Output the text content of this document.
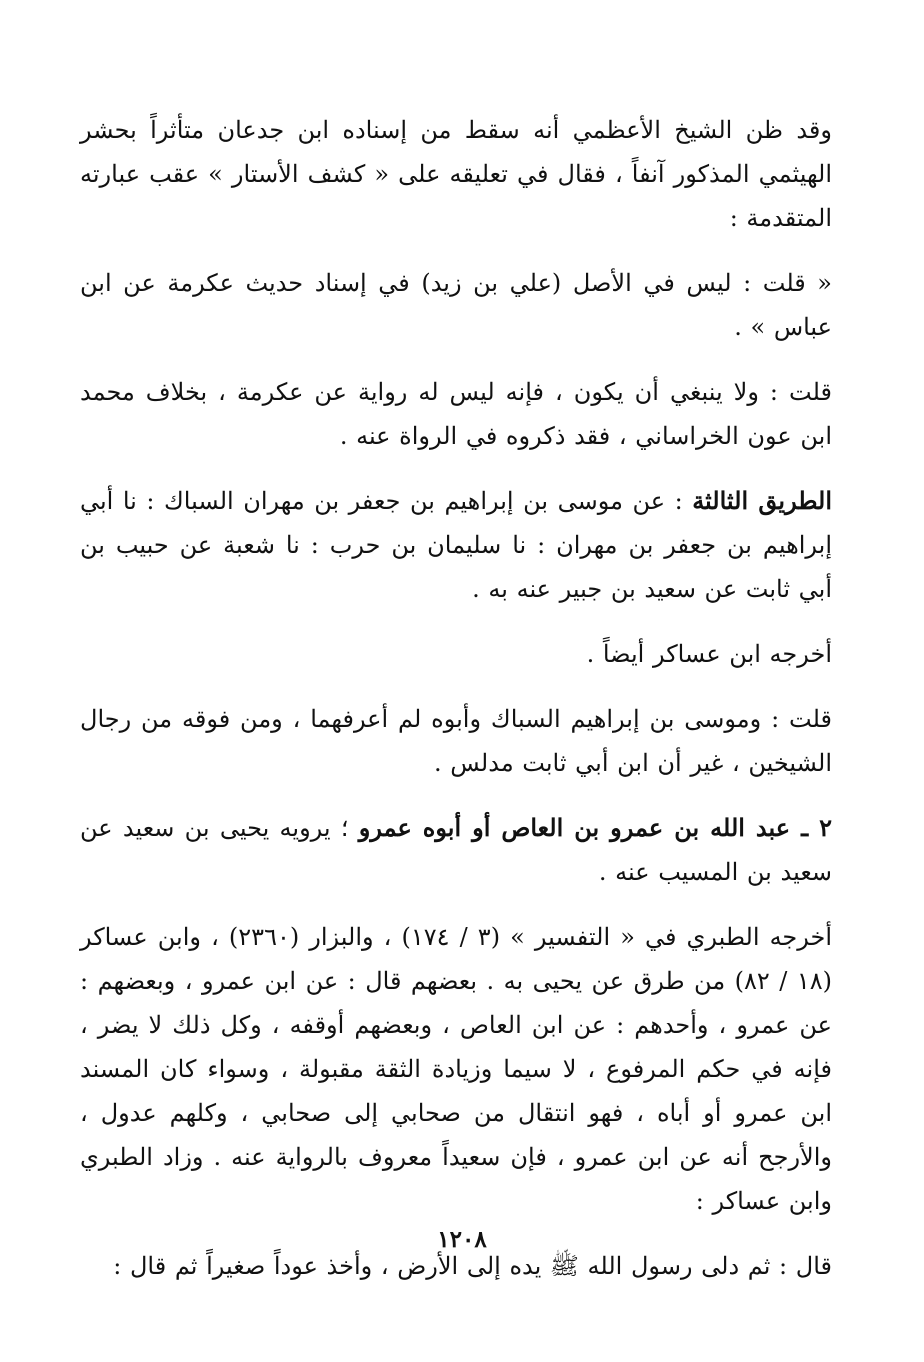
وقد ظن الشيخ الأعظمي أنه سقط من إسناده ابن جدعان متأثراً بحشر الهيثمي المذكور آنفاً ، فقال في تعليقه على « كشف الأستار » عقب عبارته المتقدمة :

« قلت : ليس في الأصل (علي بن زيد) في إسناد حديث عكرمة عن ابن عباس » .

قلت : ولا ينبغي أن يكون ، فإنه ليس له رواية عن عكرمة ، بخلاف محمد ابن عون الخراساني ، فقد ذكروه في الرواة عنه .

الطريق الثالثة : عن موسى بن إبراهيم بن جعفر بن مهران السباك : نا أبي إبراهيم بن جعفر بن مهران : نا سليمان بن حرب : نا شعبة عن حبيب بن أبي ثابت عن سعيد بن جبير عنه به .

أخرجه ابن عساكر أيضاً .

قلت : وموسى بن إبراهيم السباك وأبوه لم أعرفهما ، ومن فوقه من رجال الشيخين ، غير أن ابن أبي ثابت مدلس .

٢ ـ عبد الله بن عمرو بن العاص أو أبوه عمرو ؛ يرويه يحيى بن سعيد عن سعيد بن المسيب عنه .

أخرجه الطبري في « التفسير » (٣ / ١٧٤) ، والبزار (٢٣٦٠) ، وابن عساكر (١٨ / ٨٢) من طرق عن يحيى به . بعضهم قال : عن ابن عمرو ، وبعضهم : عن عمرو ، وأحدهم : عن ابن العاص ، وبعضهم أوقفه ، وكل ذلك لا يضر ، فإنه في حكم المرفوع ، لا سيما وزيادة الثقة مقبولة ، وسواء كان المسند ابن عمرو أو أباه ، فهو انتقال من صحابي إلى صحابي ، وكلهم عدول ، والأرجح أنه عن ابن عمرو ، فإن سعيداً معروف بالرواية عنه . وزاد الطبري وابن عساكر :

قال : ثم دلى رسول الله ﷺ يده إلى الأرض ، وأخذ عوداً صغيراً ثم قال :

١٢٠٨
